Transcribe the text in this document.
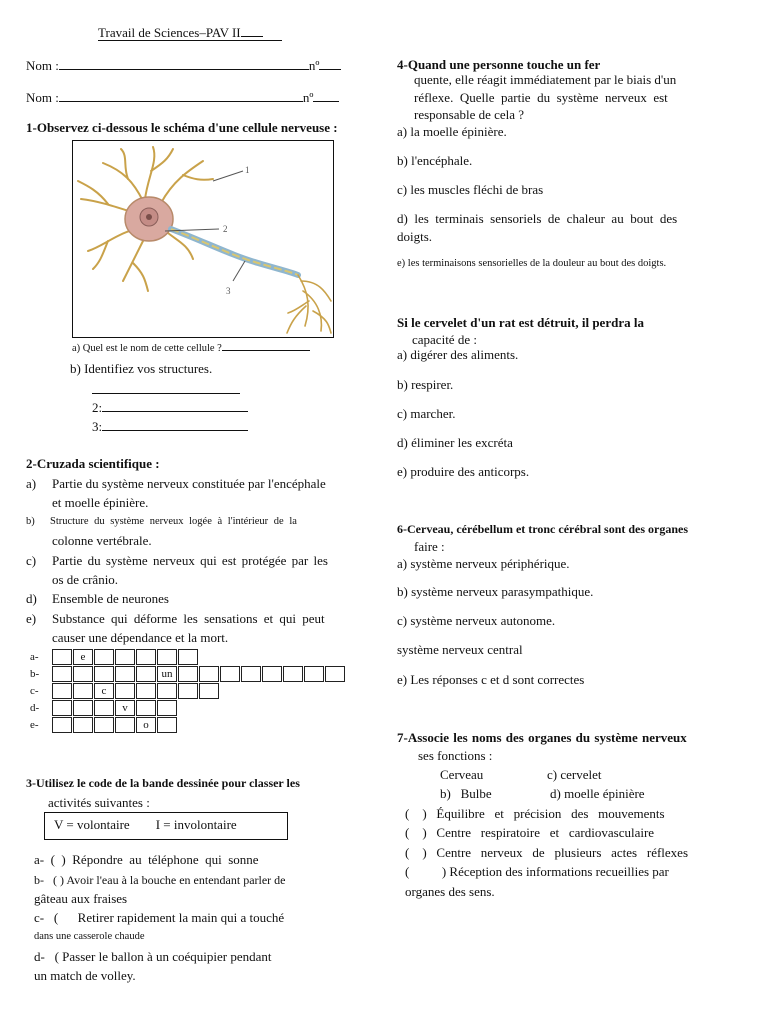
Travail de Sciences–PAV II
Nom :	nº
Nom :	nº
1-Observez ci-dessous le schéma d'une cellule nerveuse :
1
2
3
a) Quel est le nom de cette cellule ?
b) Identifiez vos structures.
2:
3:
2-Cruzada scientifique :
a) Partie du système nerveux constituée par l'encéphale
et moelle épinière.
b) Structure du système nerveux logée à l'intérieur de la
colonne vertébrale.
c) Partie du système nerveux qui est protégée par les
os de crânio.
d) Ensemble de neurones
e) Substance qui déforme les sensations et qui peut
causer une dépendance et la mort.
a-	e
b-	un
c-	c
d-	v
e-	o
3-Utilisez le code de la bande dessinée pour classer les
activités suivantes :
V = volontaire        I = involontaire
a-  (  )  Répondre  au  téléphone  qui  sonne
b-   ( ) Avoir l'eau à la bouche en entendant parler de
gâteau aux fraises
c-   (      Retirer rapidement la main qui a touché
dans une casserole chaude
d-   ( Passer le ballon à un coéquipier pendant
un match de volley.
4-Quand une personne touche un fer
quente, elle réagit immédiatement par le biais d'un
réflexe.  Quelle  partie  du  système  nerveux  est
responsable de cela ?
a) la moelle épinière.
b) l'encéphale.
c) les muscles fléchi de bras
d)  les  terminais  sensoriels  de  chaleur  au  bout  des
doigts.
e) les terminaisons sensorielles de la douleur au bout des doigts.
Si le cervelet d'un rat est détruit, il perdra la
capacité de :
a) digérer des aliments.
b) respirer.
c) marcher.
d) éliminer les excréta
e) produire des anticorps.
6-Cerveau, cérébellum et tronc cérébral sont des organes
faire :
a) système nerveux périphérique.
b) système nerveux parasympathique.
c) système nerveux autonome.
système nerveux central
e) Les réponses c et d sont correctes
7-Associe les noms des organes du système nerveux
ses fonctions :
Cerveau	c) cervelet
b)   Bulbe	d) moelle épinière
(    )   Équilibre   et   précision   des   mouvements
(    )   Centre   respiratoire   et   cardiovasculaire
(    )   Centre   nerveux   de   plusieurs   actes   réflexes
(          ) Réception des informations recueillies par
organes des sens.
